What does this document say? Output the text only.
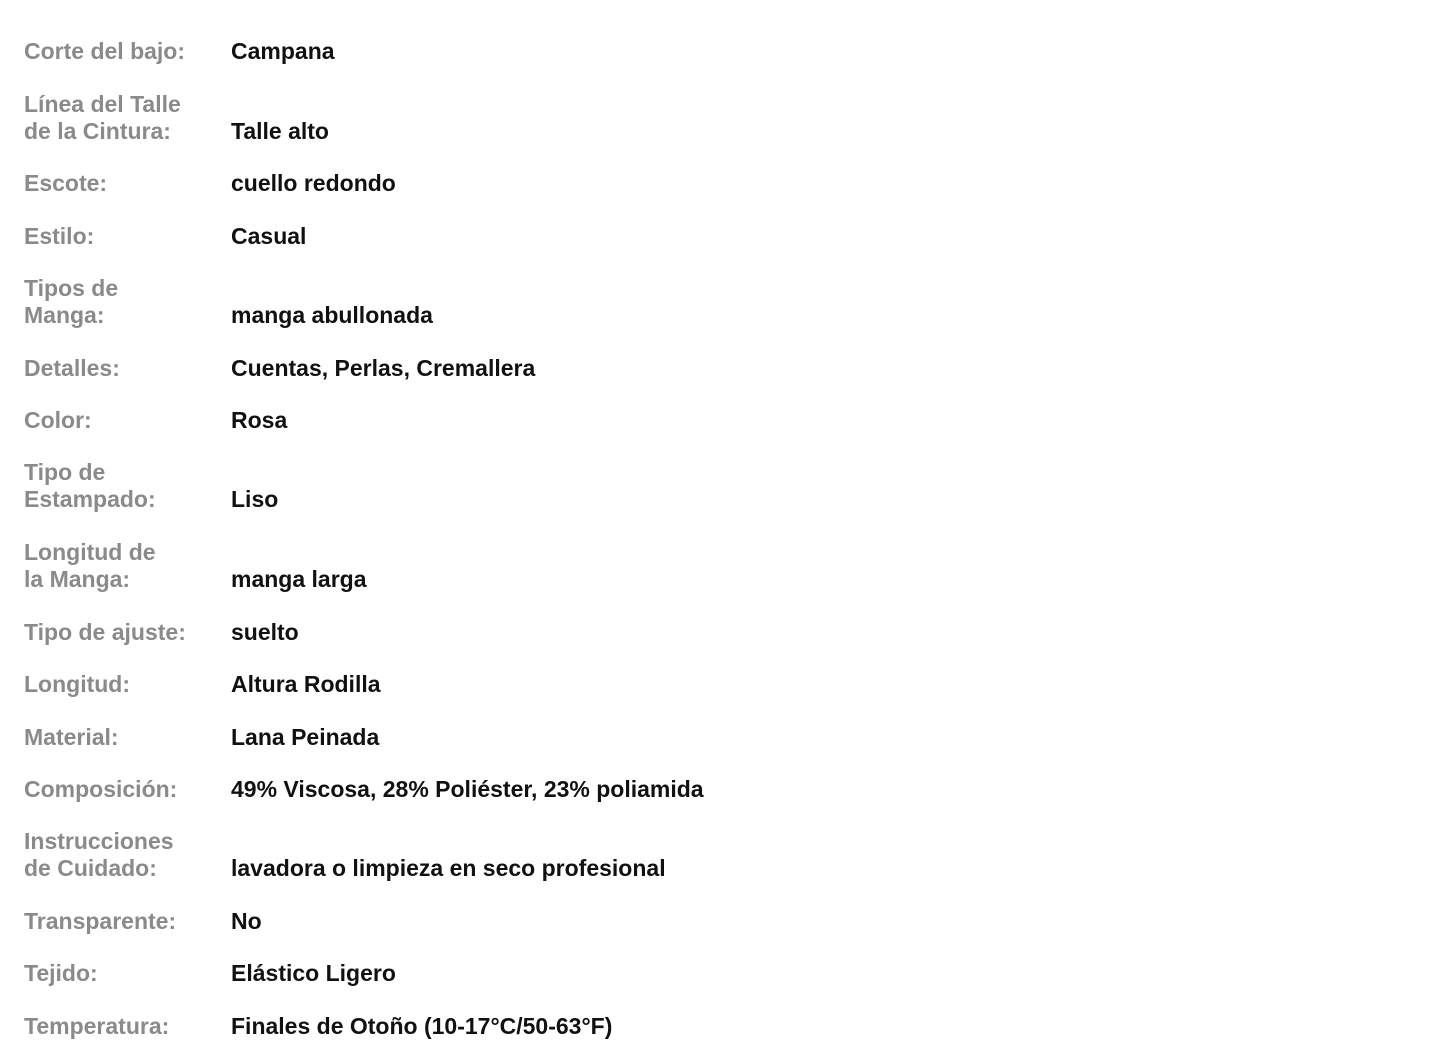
Corte del bajo:	Campana
Línea del Talle
de la Cintura:	Talle alto
Escote:	cuello redondo
Estilo:	Casual
Tipos de
Manga:	manga abullonada
Detalles:	Cuentas, Perlas, Cremallera
Color:	Rosa
Tipo de
Estampado:	Liso
Longitud de
la Manga:	manga larga
Tipo de ajuste:	suelto
Longitud:	Altura Rodilla
Material:	Lana Peinada
Composición:	49% Viscosa, 28% Poliéster, 23% poliamida
Instrucciones
de Cuidado:	lavadora o limpieza en seco profesional
Transparente:	No
Tejido:	Elástico Ligero
Temperatura:	Finales de Otoño (10-17°C/50-63°F)
